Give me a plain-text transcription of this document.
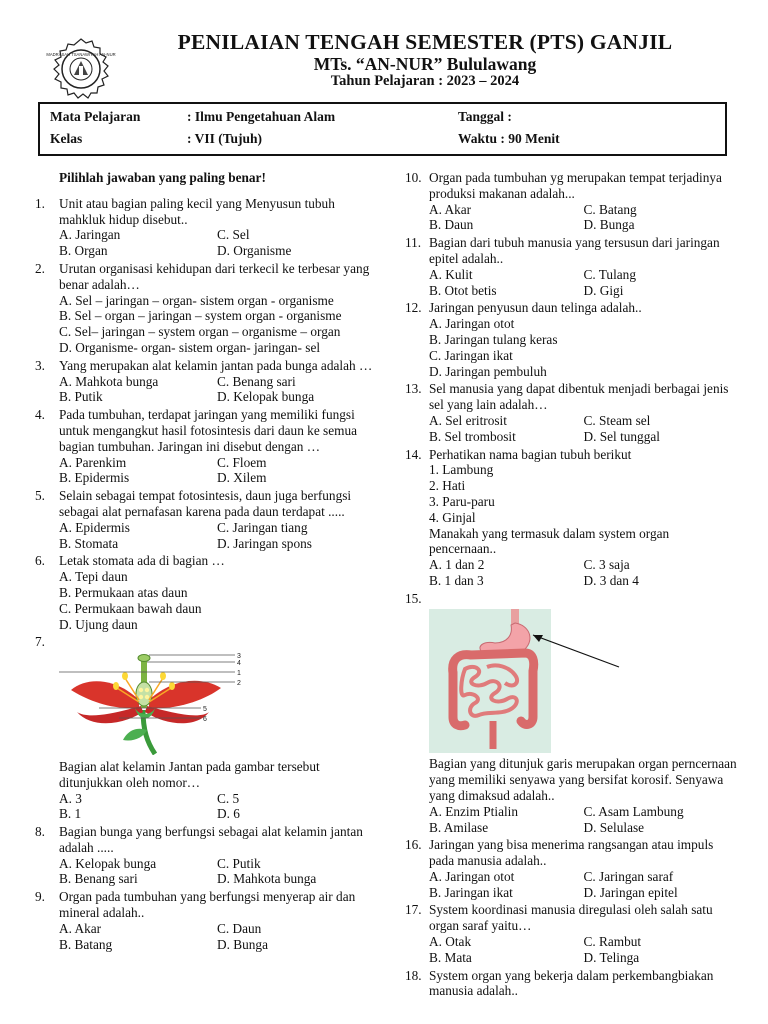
MADRASAH TSANAWIYAH AN-NUR
PENILAIAN TENGAH SEMESTER (PTS) GANJIL
MTs. “AN-NUR” Bulula​wang
Tahun Pelajaran : 2023 – 2024
Mata Pelajaran	: Ilmu Pengetahuan Alam
Kelas	: VII (Tujuh)
Tanggal :
Waktu : 90 Menit
Pilihlah jawaban yang paling benar!
1.	Unit atau bagian paling kecil yang Menyusun tubuh mahkluk hidup disebut..
A. Jaringan	C. Sel
B. Organ	D. Organisme
2.	Urutan organisasi kehidupan dari terkecil ke terbesar yang benar adalah…
A. Sel – jaringan – organ- sistem organ - organisme
B. Sel – organ – jaringan – system organ - organisme
C. Sel– jaringan – system organ – organisme – organ
D. Organisme- organ- sistem organ- jaringan- sel
3.	Yang merupakan alat kelamin jantan pada bunga adalah …
A. Mahkota bunga	C. Benang sari
B. Putik	D. Kelopak bunga
4.	Pada tumbuhan, terdapat jaringan yang memiliki fungsi untuk mengangkut hasil fotosintesis dari daun ke semua bagian tumbuhan. Jaringan ini disebut dengan …
A. Parenkim	C. Floem
B. Epidermis	D. Xilem
5.	Selain sebagai tempat fotosintesis, daun juga berfungsi sebagai alat pernafasan karena pada daun terdapat .....
A. Epidermis	C. Jaringan tiang
B. Stomata	D. Jaringan spons
6.	Letak stomata ada di bagian …
A. Tepi daun
B. Permukaan atas daun
C. Permukaan bawah daun
D. Ujung daun
7.
3
4
1
2
5
6
Bagian alat kelamin Jantan pada gambar tersebut ditunjukkan oleh nomor…
A. 3	C. 5
B. 1	D. 6
8.	Bagian bunga yang berfungsi sebagai alat kelamin jantan adalah .....
A. Kelopak bunga	C. Putik
B. Benang sari	D. Mahkota bunga
9.	Organ pada tumbuhan yang berfungsi menyerap air dan mineral adalah..
A. Akar	C. Daun
B. Batang	D. Bunga
10. Organ pada tumbuhan yg merupakan tempat terjadinya produksi makanan adalah...
A. Akar	C. Batang
B. Daun	D. Bunga
11. Bagian dari tubuh manusia yang tersusun dari jaringan epitel adalah..
A. Kulit	C. Tulang
B. Otot betis	D. Gigi
12. Jaringan penyusun daun telinga adalah..
A. Jaringan otot
B. Jaringan tulang keras
C. Jaringan ikat
D. Jaringan pembuluh
13. Sel manusia yang dapat dibentuk menjadi berbagai jenis sel yang lain adalah…
A. Sel eritrosit	C. Steam sel
B. Sel trombosit	D. Sel tunggal
14. Perhatikan nama bagian tubuh berikut
1. Lambung
2. Hati
3. Paru-paru
4. Ginjal
Manakah yang termasuk dalam system organ pencernaan..
A. 1 dan 2	C. 3 saja
B. 1 dan 3	D. 3 dan 4
15.
Bagian yang ditunjuk garis merupakan organ perncernaan yang memiliki senyawa yang bersifat korosif. Senyawa yang dimaksud adalah..
A. Enzim Ptialin	C. Asam Lambung
B. Amilase	D. Selulase
16. Jaringan yang bisa menerima rangsangan atau impuls pada manusia adalah..
A. Jaringan otot	C. Jaringan saraf
B. Jaringan ikat	D. Jaringan epitel
17. System koordinasi manusia diregulasi oleh salah satu organ saraf yaitu…
A. Otak	C. Rambut
B. Mata	D. Telinga
18. System organ yang bekerja dalam perkembangbiakan manusia adalah..
